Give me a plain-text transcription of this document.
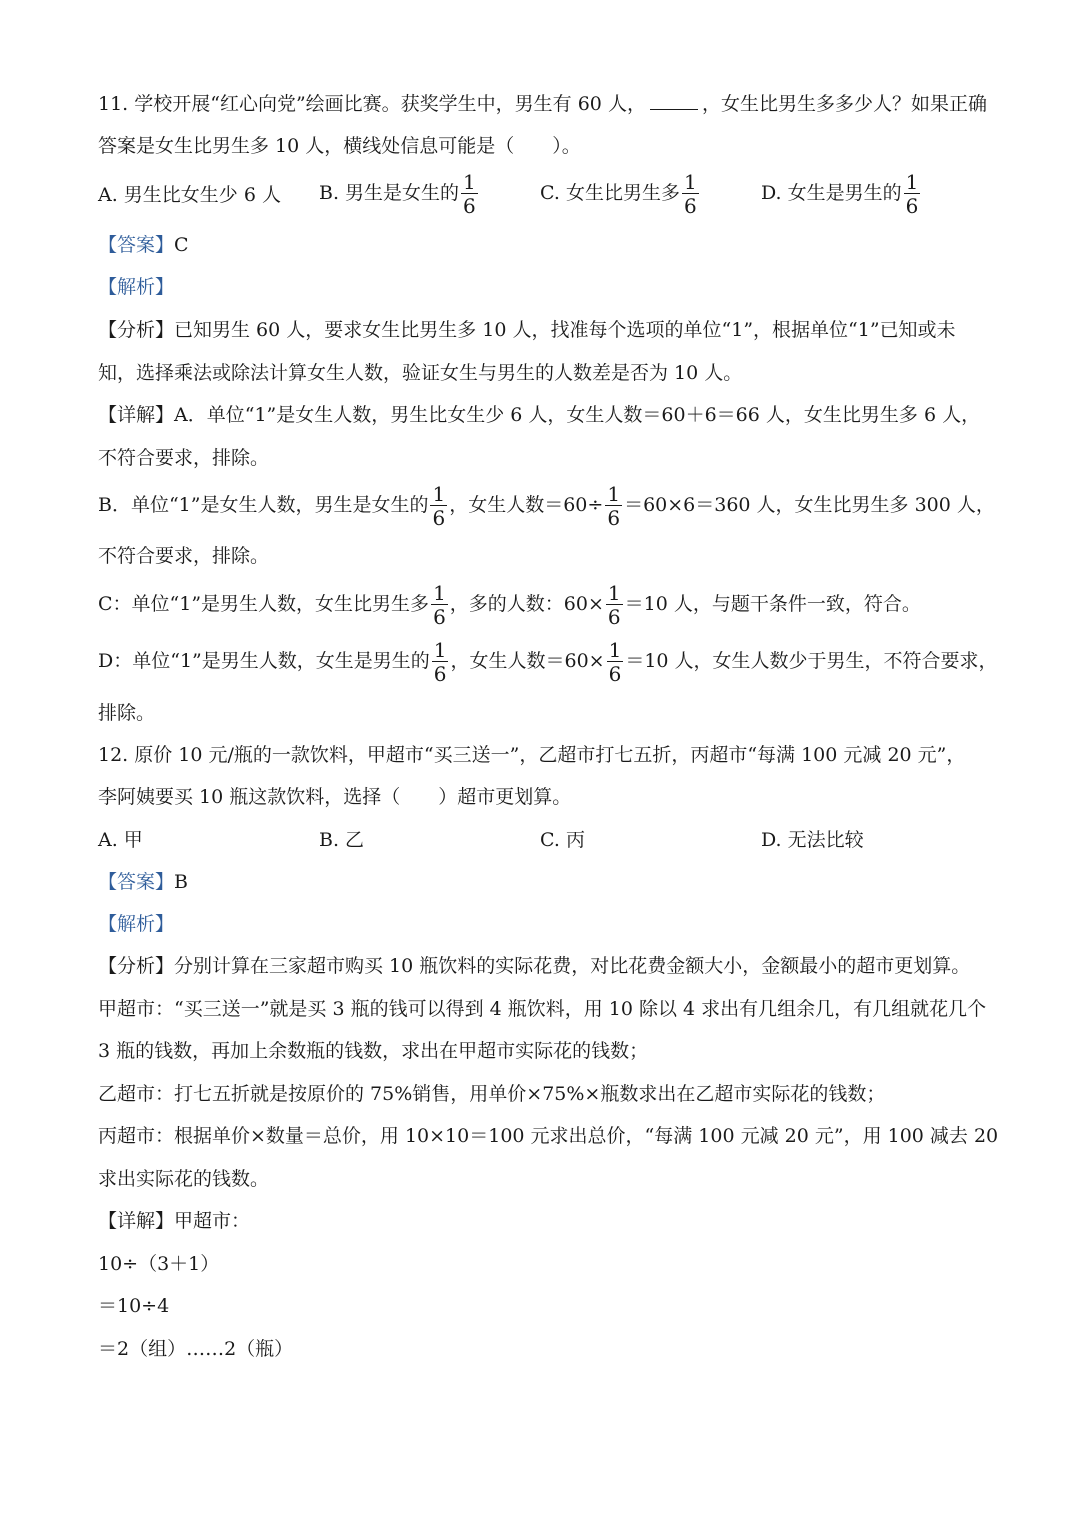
11. 学校开展“红心向党”绘画比赛。获奖学生中，男生有 60 人，	，女生比男生多多少人？如果正确
答案是女生比男生多 10 人，横线处信息可能是（　　）。
A. 男生比女生少 6 人 B. 男生是女生的 $\frac{1}{6}$	C. 女生比男生多 $\frac{1}{6}$	D. 女生是男生的 $\frac{1}{6}$
【答案】C
【解析】
【分析】已知男生 60 人，要求女生比男生多 10 人，找准每个选项的单位“1”，根据单位“1”已知或未
知，选择乘法或除法计算女生人数，验证女生与男生的人数差是否为 10 人。
【详解】A．单位“1”是女生人数，男生比女生少 6 人，女生人数＝60＋6＝66 人，女生比男生多 6 人，
不符合要求，排除。
B．单位“1”是女生人数，男生是女生的 $\frac{1}{6}$ ，女生人数$=60\div \frac{1}{6} =60\times 6=360$ 人，女生比男生多 300 人，
不符合要求，排除。
C：单位“1”是男生人数，女生比男生多 $\frac{1}{6}$ ，多的人数：$60\times \frac{1}{6} =10$ 人，与题干条件一致，符合。
D：单位“1”是男生人数，女生是男生的 $\frac{1}{6}$ ，女生人数$=60\times \frac{1}{6} =10$ 人，女生人数少于男生，不符合要求，
排除。
12. 原价 10 元/瓶的一款饮料，甲超市“买三送一”，乙超市打七五折，丙超市“每满 100 元减 20 元”，
李阿姨要买 10 瓶这款饮料，选择（　　）超市更划算。
A. 甲	B. 乙	C. 丙	D. 无法比较
【答案】B
【解析】
【分析】分别计算在三家超市购买 10 瓶饮料的实际花费，对比花费金额大小，金额最小的超市更划算。
甲超市：“买三送一”就是买 3 瓶的钱可以得到 4 瓶饮料，用 10 除以 4 求出有几组余几，有几组就花几个
3 瓶的钱数，再加上余数瓶的钱数，求出在甲超市实际花的钱数；
乙超市：打七五折就是按原价的 75%销售，用单价×75%×瓶数求出在乙超市实际花的钱数；
丙超市：根据单价×数量＝总价，用 10×10＝100 元求出总价，“每满 100 元减 20 元”，用 100 减去 20
求出实际花的钱数。
【详解】甲超市：
10÷（3＋1）
＝10÷4
＝2（组）……2（瓶）
